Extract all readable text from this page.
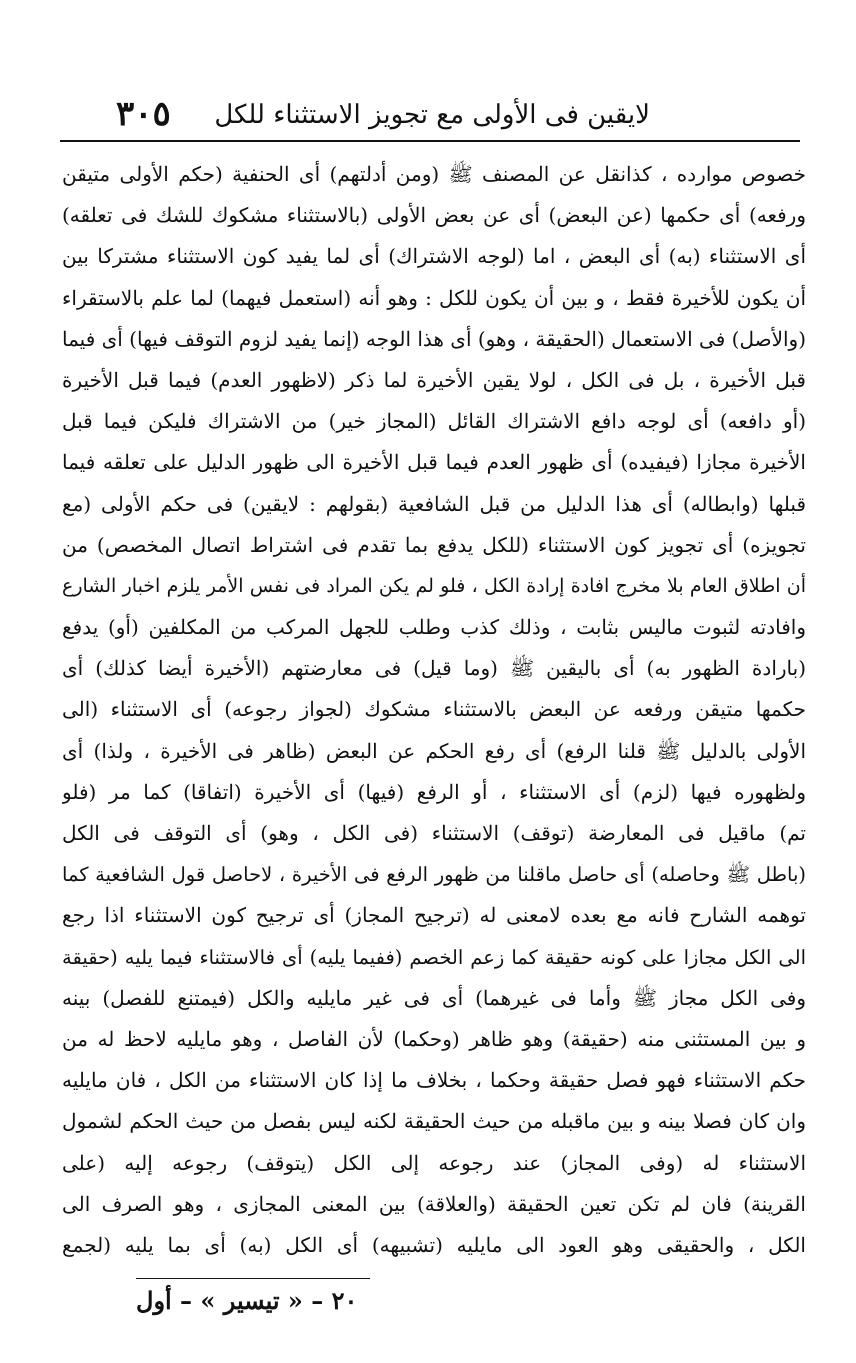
لايقين فى الأولى مع تجويز الاستثناء للكل
٣٠٥
خصوص موارده ، كذانقل عن المصنف ﷺ (ومن أدلتهم) أى الحنفية (حكم الأولى متيقن
ورفعه) أى حكمها (عن البعض) أى عن بعض الأولى (بالاستثناء مشكوك للشك فى تعلقه)
أى الاستثناء (به) أى البعض ، اما (لوجه الاشتراك) أى لما يفيد كون الاستثناء مشتركا بين
أن يكون للأخيرة فقط ، و بين أن يكون للكل : وهو أنه (استعمل فيهما) لما علم بالاستقراء
(والأصل) فى الاستعمال (الحقيقة ، وهو) أى هذا الوجه (إنما يفيد لزوم التوقف فيها) أى فيما
قبل الأخيرة ، بل فى الكل ، لولا يقين الأخيرة لما ذكر (لاظهور العدم) فيما قبل الأخيرة
(أو دافعه) أى لوجه دافع الاشتراك القائل (المجاز خير) من الاشتراك فليكن فيما قبل
الأخيرة مجازا (فيفيده) أى ظهور العدم فيما قبل الأخيرة الى ظهور الدليل على تعلقه فيما
قبلها (وابطاله) أى هذا الدليل من قبل الشافعية (بقولهم : لايقين) فى حكم الأولى (مع
تجويزه) أى تجويز كون الاستثناء (للكل يدفع بما تقدم فى اشتراط اتصال المخصص) من
أن اطلاق العام بلا مخرج افادة إرادة الكل ، فلو لم يكن المراد فى نفس الأمر يلزم اخبار الشارع
وافادته لثبوت ماليس بثابت ، وذلك كذب وطلب للجهل المركب من المكلفين (أو) يدفع
(بارادة الظهور به) أى باليقين ﷺ (وما قيل) فى معارضتهم (الأخيرة أيضا كذلك) أى
حكمها متيقن ورفعه عن البعض بالاستثناء مشكوك (لجواز رجوعه) أى الاستثناء (الى
الأولى بالدليل ﷺ قلنا الرفع) أى رفع الحكم عن البعض (ظاهر فى الأخيرة ، ولذا) أى
ولظهوره فيها (لزم) أى الاستثناء ، أو الرفع (فيها) أى الأخيرة (اتفاقا) كما مر (فلو
تم) ماقيل فى المعارضة (توقف) الاستثناء (فى الكل ، وهو) أى التوقف فى الكل
(باطل ﷺ وحاصله) أى حاصل ماقلنا من ظهور الرفع فى الأخيرة ، لاحاصل قول الشافعية كما
توهمه الشارح فانه مع بعده لامعنى له (ترجيح المجاز) أى ترجيح كون الاستثناء اذا رجع
الى الكل مجازا على كونه حقيقة كما زعم الخصم (ففيما يليه) أى فالاستثناء فيما يليه (حقيقة
وفى الكل مجاز ﷺ وأما فى غيرهما) أى فى غير مايليه والكل (فيمتنع للفصل) بينه
و بين المستثنى منه (حقيقة) وهو ظاهر (وحكما) لأن الفاصل ، وهو مايليه لاحظ له من
حكم الاستثناء فهو فصل حقيقة وحكما ، بخلاف ما إذا كان الاستثناء من الكل ، فان مايليه
وان كان فصلا بينه و بين ماقبله من حيث الحقيقة لكنه ليس بفصل من حيث الحكم لشمول
الاستثناء له (وفى المجاز) عند رجوعه إلى الكل (يتوقف) رجوعه إليه (على
القرينة) فان لم تكن تعين الحقيقة (والعلاقة) بين المعنى المجازى ، وهو الصرف الى
الكل ، والحقيقى وهو العود الى مايليه (تشبيهه) أى الكل (به) أى بما يليه (لجمع
٢٠ – « تيسير » – أول
